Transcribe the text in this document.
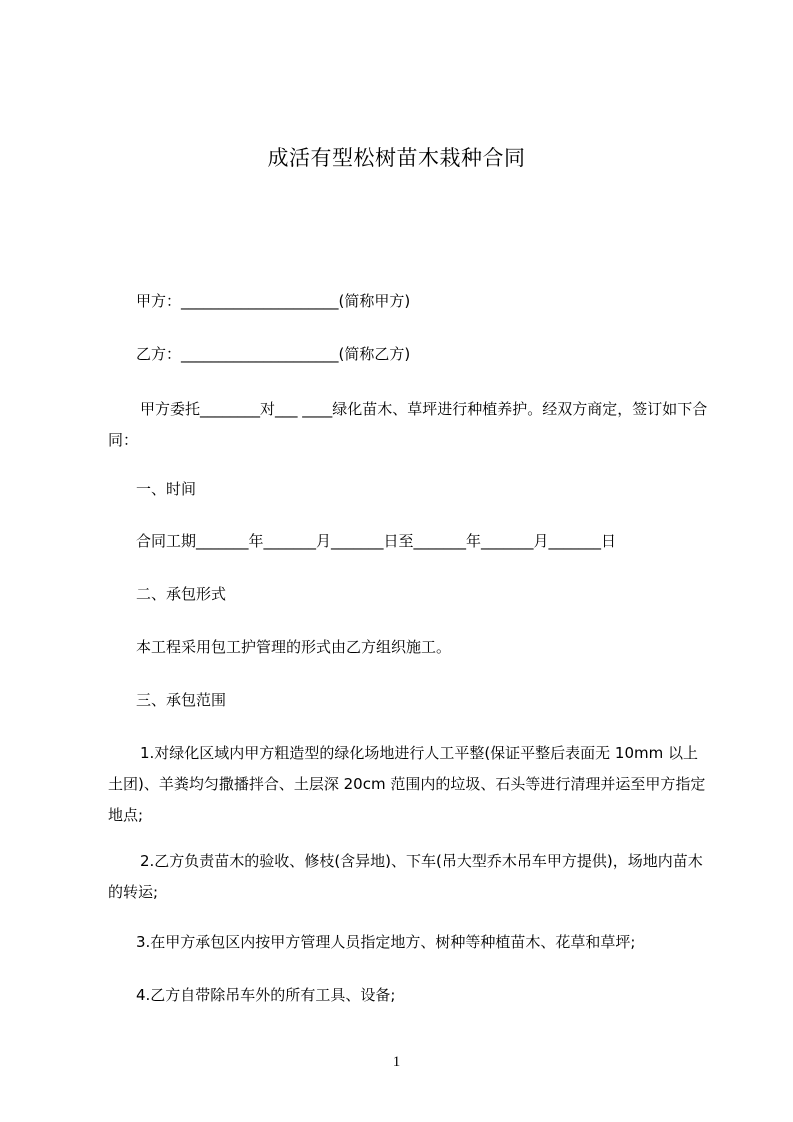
成活有型松树苗木栽种合同
甲方：_____________________(简称甲方)
乙方：_____________________(简称乙方)
甲方委托________对___ ____绿化苗木、草坪进行种植养护。经双方商定，签订如下合同：
一、时间
合同工期_______年_______月_______日至_______年_______月_______日
二、承包形式
本工程采用包工护管理的形式由乙方组织施工。
三、承包范围
1.对绿化区域内甲方粗造型的绿化场地进行人工平整(保证平整后表面无 10mm 以上土团)、羊粪均匀撒播拌合、土层深 20cm 范围内的垃圾、石头等进行清理并运至甲方指定地点;
2.乙方负责苗木的验收、修枝(含异地)、下车(吊大型乔木吊车甲方提供)，场地内苗木的转运;
3.在甲方承包区内按甲方管理人员指定地方、树种等种植苗木、花草和草坪;
4.乙方自带除吊车外的所有工具、设备;
1
